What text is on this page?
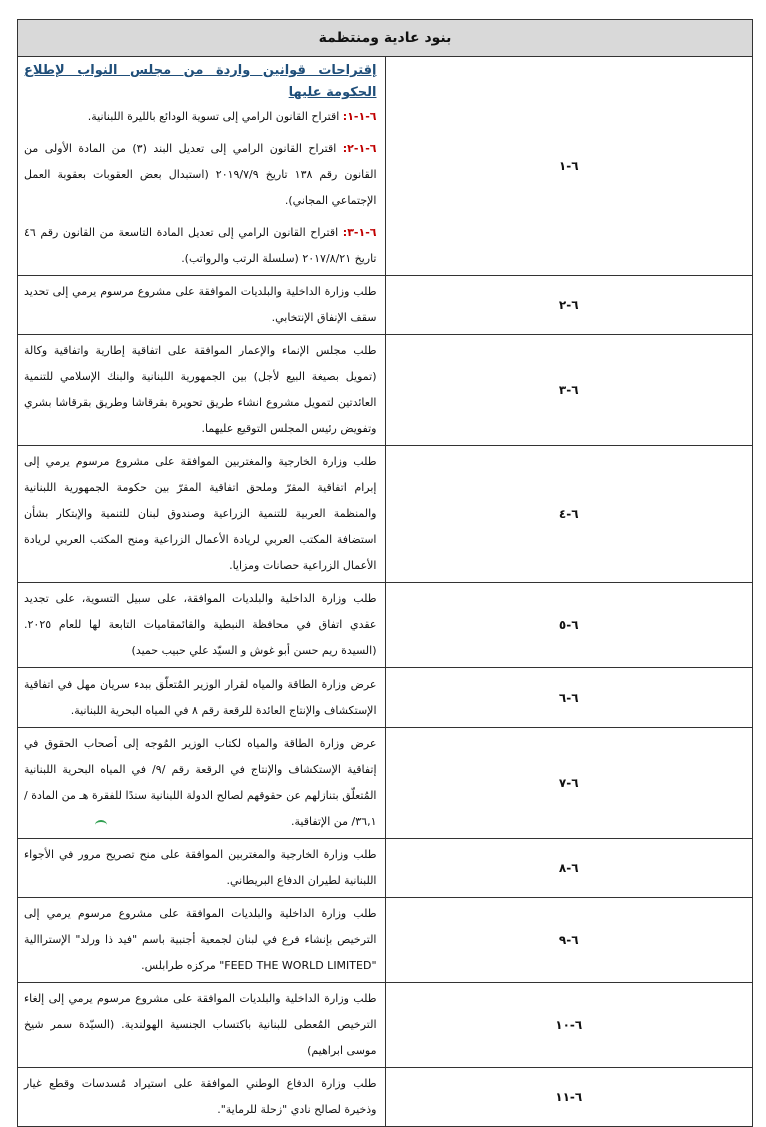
بنود عادية ومنتظمة	
٦-١	إقتراحات قوانين واردة من مجلس النواب لإطلاع الحكومة عليها
٦-١-١: اقتراح القانون الرامي إلى تسوية الودائع بالليرة اللبنانية.
٦-١-٢: اقتراح القانون الرامي إلى تعديل البند (٣) من المادة الأولى من القانون رقم ١٣٨ تاريخ ٢٠١٩/٧/٩ (استبدال بعض العقوبات بعقوبة العمل الإجتماعي المجاني).
٦-١-٣: اقتراح القانون الرامي إلى تعديل المادة التاسعة من القانون رقم ٤٦ تاريخ ٢٠١٧/٨/٢١ (سلسلة الرتب والرواتب).

٦-٢	طلب وزارة الداخلية والبلديات الموافقة على مشروع مرسوم يرمي إلى تحديد سقف الإنفاق الإنتخابي.
٦-٣	طلب مجلس الإنماء والإعمار الموافقة على اتفاقية إطارية واتفاقية وكالة (تمويل بصيغة البيع لأجل) بين الجمهورية اللبنانية والبنك الإسلامي للتنمية العائدتين لتمويل مشروع انشاء طريق تحويرة بقرقاشا وطريق بقرقاشا بشري وتفويض رئيس المجلس التوقيع عليهما.
٦-٤	طلب وزارة الخارجية والمغتربين الموافقة على مشروع مرسوم يرمي إلى إبرام اتفاقية المقرّ وملحق اتفاقية المقرّ بين حكومة الجمهورية اللبنانية والمنظمة العربية للتنمية الزراعية وصندوق لبنان للتنمية والإبتكار بشأن استضافة المكتب العربي لريادة الأعمال الزراعية ومنح المكتب العربي لريادة الأعمال الزراعية حصانات ومزايا.
٦-٥	طلب وزارة الداخلية والبلديات الموافقة، على سبيل التسوية، على تجديد عقدي اتفاق في محافظة النبطية والقائمقاميات التابعة لها للعام ٢٠٢٥. (السيدة ريم حسن أبو غوش و السيّد علي حبيب حميد)
٦-٦	عرض وزارة الطاقة والمياه لقرار الوزير المُتعلّق ببدء سريان مهل في اتفاقية الإستكشاف والإنتاج العائدة للرقعة رقم ٨ في المياه البحرية اللبنانية.
٦-٧	عرض وزارة الطاقة والمياه لكتاب الوزير المُوجه إلى أصحاب الحقوق في إتفاقية الإستكشاف والإنتاج في الرقعة رقم /٩/ في المياه البحرية اللبنانية المُتعلّق بتنازلهم عن حقوقهم لصالح الدولة اللبنانية سندًا للفقرة هـ من المادة /٣٦,١/ من الإتفاقية.
٦-٨	طلب وزارة الخارجية والمغتربين الموافقة على منح تصريح مرور في الأجواء اللبنانية لطيران الدفاع البريطاني.
٦-٩	طلب وزارة الداخلية والبلديات الموافقة على مشروع مرسوم يرمي إلى الترخيص بإنشاء فرع في لبنان لجمعية أجنبية باسم "فيد ذا ورلد" الإستراالية "FEED THE WORLD LIMITED" مركزه طرابلس.
٦-١٠	طلب وزارة الداخلية والبلديات الموافقة على مشروع مرسوم يرمي إلى إلغاء الترخيص المُعطى للبنانية باكتساب الجنسية الهولندية. (السيّدة سمر شيخ موسى ابراهيم)
٦-١١	طلب وزارة الدفاع الوطني الموافقة على استيراد مُسدسات وقطع غيار وذخيرة لصالح نادي "زحلة للرماية".
